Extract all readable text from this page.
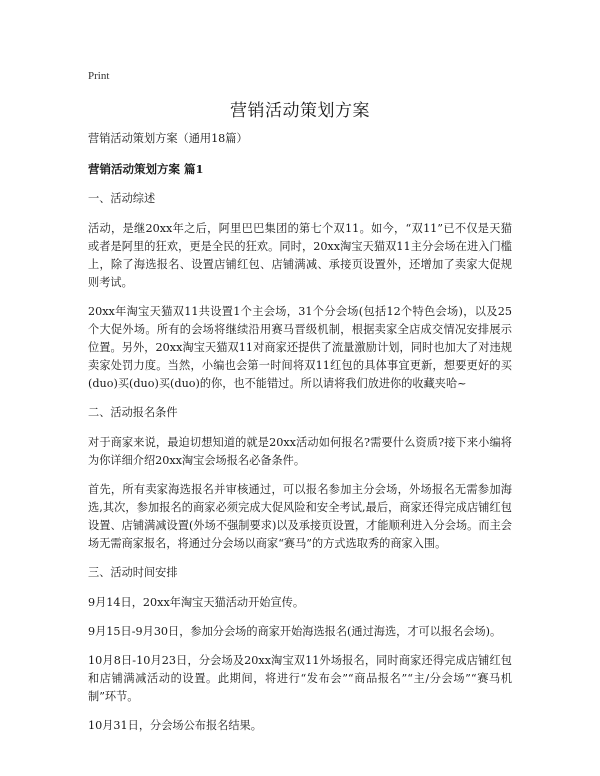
Print
营销活动策划方案

营销活动策划方案（通用18篇）

营销活动策划方案 篇1

一、活动综述

活动，是继20xx年之后，阿里巴巴集团的第七个双11。如今，“双11”已不仅是天猫或者是阿里的狂欢，更是全民的狂欢。同时，20xx淘宝天猫双11主分会场在进入门槛上，除了海选报名、设置店铺红包、店铺满减、承接页设置外，还增加了卖家大促规则考试。

20xx年淘宝天猫双11共设置1个主会场，31个分会场(包括12个特色会场)，以及25个大促外场。所有的会场将继续沿用赛马晋级机制，根据卖家全店成交情况安排展示位置。另外，20xx淘宝天猫双11对商家还提供了流量激励计划，同时也加大了对违规卖家处罚力度。当然，小编也会第一时间将双11红包的具体事宜更新，想要更好的买(duo)买(duo)买(duo)的你，也不能错过。所以请将我们放进你的收藏夹哈~

二、活动报名条件

对于商家来说，最迫切想知道的就是20xx活动如何报名?需要什么资质?接下来小编将为你详细介绍20xx淘宝会场报名必备条件。

首先，所有卖家海选报名并审核通过，可以报名参加主分会场，外场报名无需参加海选,其次，参加报名的商家必须完成大促风险和安全考试,最后，商家还得完成店铺红包设置、店铺满减设置(外场不强制要求)以及承接页设置，才能顺利进入分会场。而主会场无需商家报名，将通过分会场以商家“赛马”的方式选取秀的商家入围。

三、活动时间安排

9月14日，20xx年淘宝天猫活动开始宣传。

9月15日-9月30日，参加分会场的商家开始海选报名(通过海选，才可以报名会场)。

10月8日-10月23日，分会场及20xx淘宝双11外场报名，同时商家还得完成店铺红包和店铺满减活动的设置。此期间，将进行“发布会”“商品报名”“主/分会场”“赛马机制”环节。

10月31日，分会场公布报名结果。
